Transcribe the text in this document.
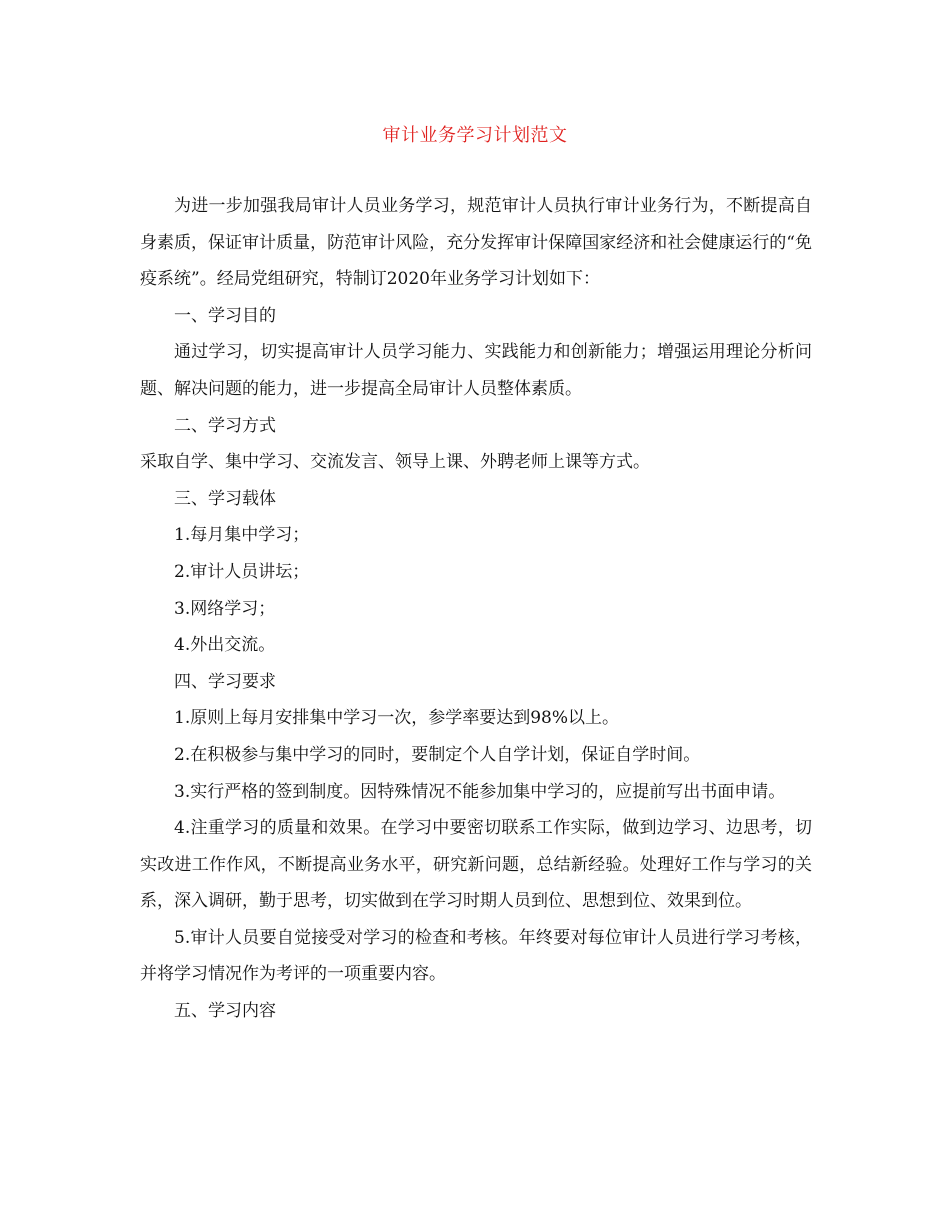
审计业务学习计划范文

为进一步加强我局审计人员业务学习，规范审计人员执行审计业务行为，不断提高自身素质，保证审计质量，防范审计风险，充分发挥审计保障国家经济和社会健康运行的“免疫系统”。经局党组研究，特制订2020年业务学习计划如下：

一、学习目的

通过学习，切实提高审计人员学习能力、实践能力和创新能力；增强运用理论分析问题、解决问题的能力，进一步提高全局审计人员整体素质。

二、学习方式

采取自学、集中学习、交流发言、领导上课、外聘老师上课等方式。

三、学习载体

1.每月集中学习；

2.审计人员讲坛；

3.网络学习；

4.外出交流。

四、学习要求

1.原则上每月安排集中学习一次，参学率要达到98%以上。

2.在积极参与集中学习的同时，要制定个人自学计划，保证自学时间。

3.实行严格的签到制度。因特殊情况不能参加集中学习的，应提前写出书面申请。

4.注重学习的质量和效果。在学习中要密切联系工作实际，做到边学习、边思考，切实改进工作作风，不断提高业务水平，研究新问题，总结新经验。处理好工作与学习的关系，深入调研，勤于思考，切实做到在学习时期人员到位、思想到位、效果到位。

5.审计人员要自觉接受对学习的检查和考核。年终要对每位审计人员进行学习考核，并将学习情况作为考评的一项重要内容。

五、学习内容
